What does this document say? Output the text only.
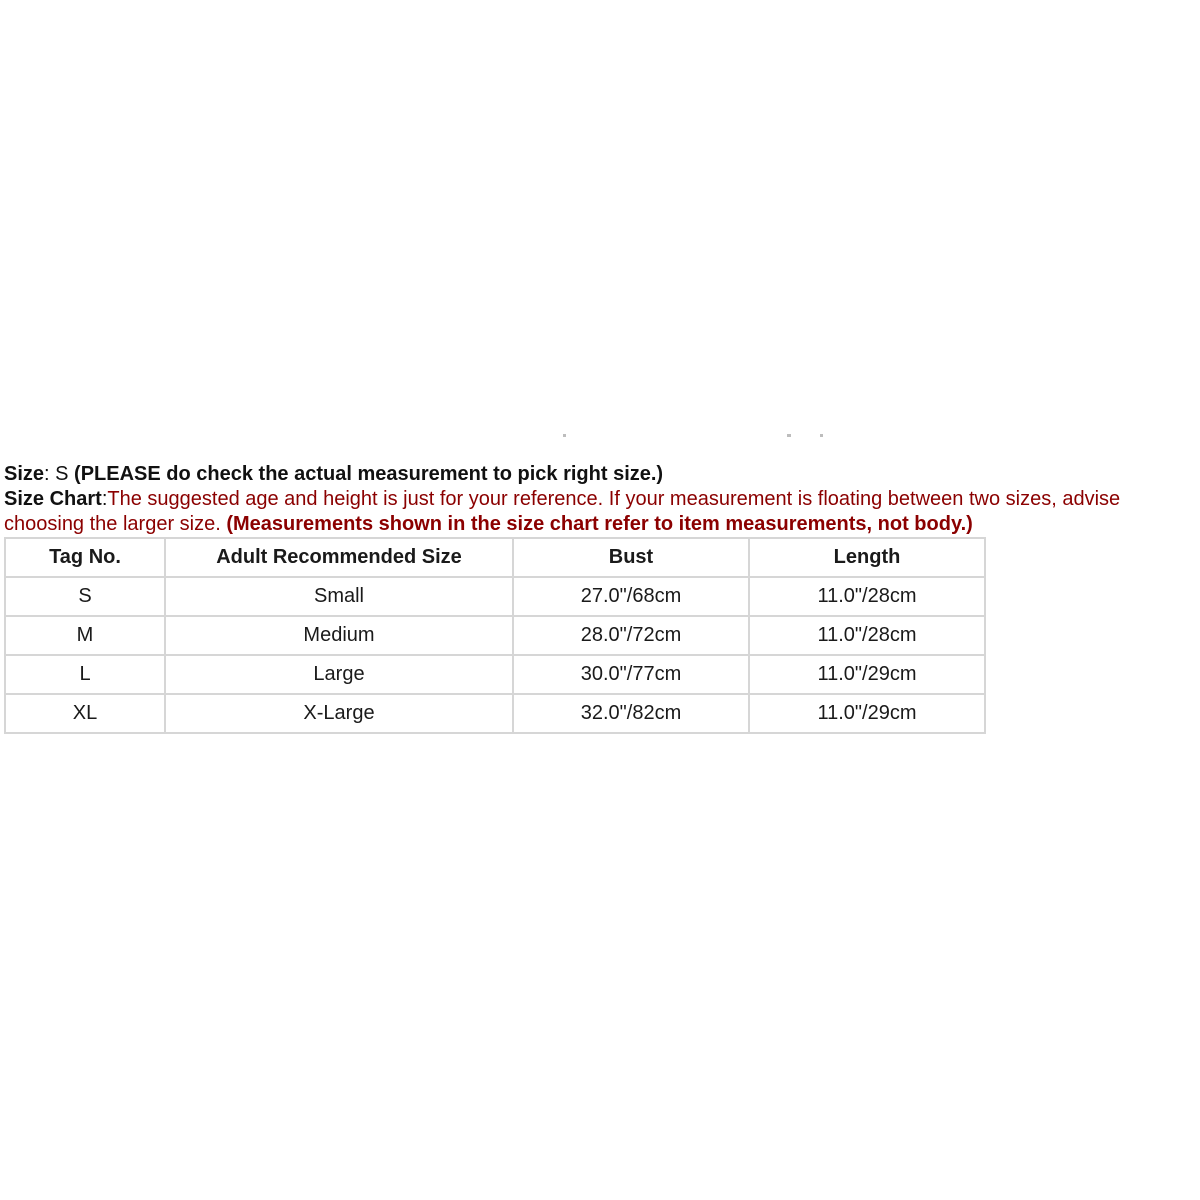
Size: S (PLEASE do check the actual measurement to pick right size.)

Size Chart:The suggested age and height is just for your reference. If your measurement is floating between two sizes, advise choosing the larger size. (Measurements shown in the size chart refer to item measurements, not body.)

Tag No.	Adult Recommended Size	Bust	Length
S	Small	27.0"/68cm	11.0"/28cm
M	Medium	28.0"/72cm	11.0"/28cm
L	Large	30.0"/77cm	11.0"/29cm
XL	X-Large	32.0"/82cm	11.0"/29cm
